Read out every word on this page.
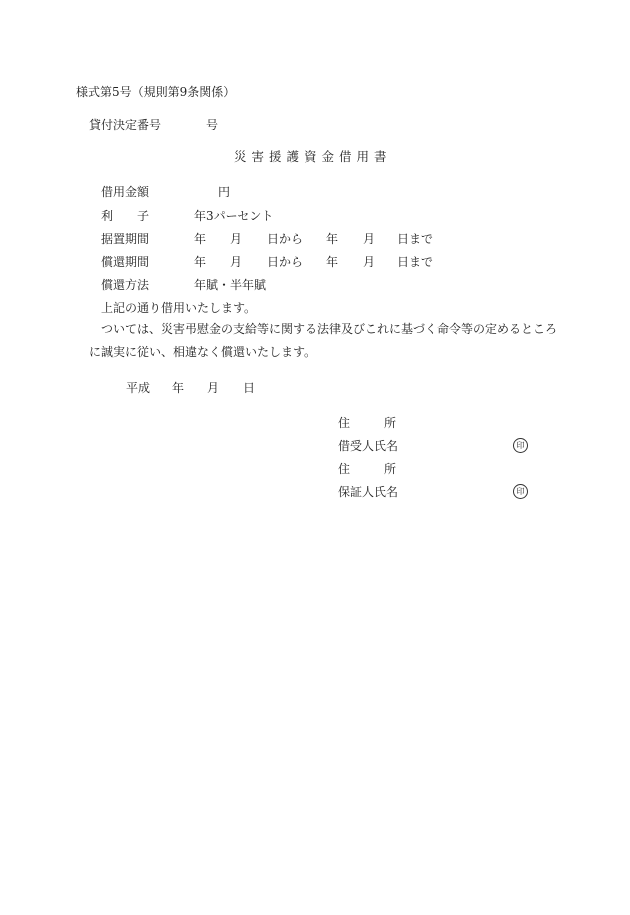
様式第5号（規則第9条関係）
貸付決定番号	号
災害援護資金借用書
借用金額	円
利 子	年3パーセント
据置期間	年 月 日から 年 月 日まで
償還期間	年 月 日から 年 月 日まで
償還方法	年賦・半年賦
上記の通り借用いたします。
ついては、災害弔慰金の支給等に関する法律及びこれに基づく命令等の定めるところ
に誠実に従い、相違なく償還いたします。
平成 年 月 日
住	所
借受人氏名	印
住	所
保証人氏名	印
